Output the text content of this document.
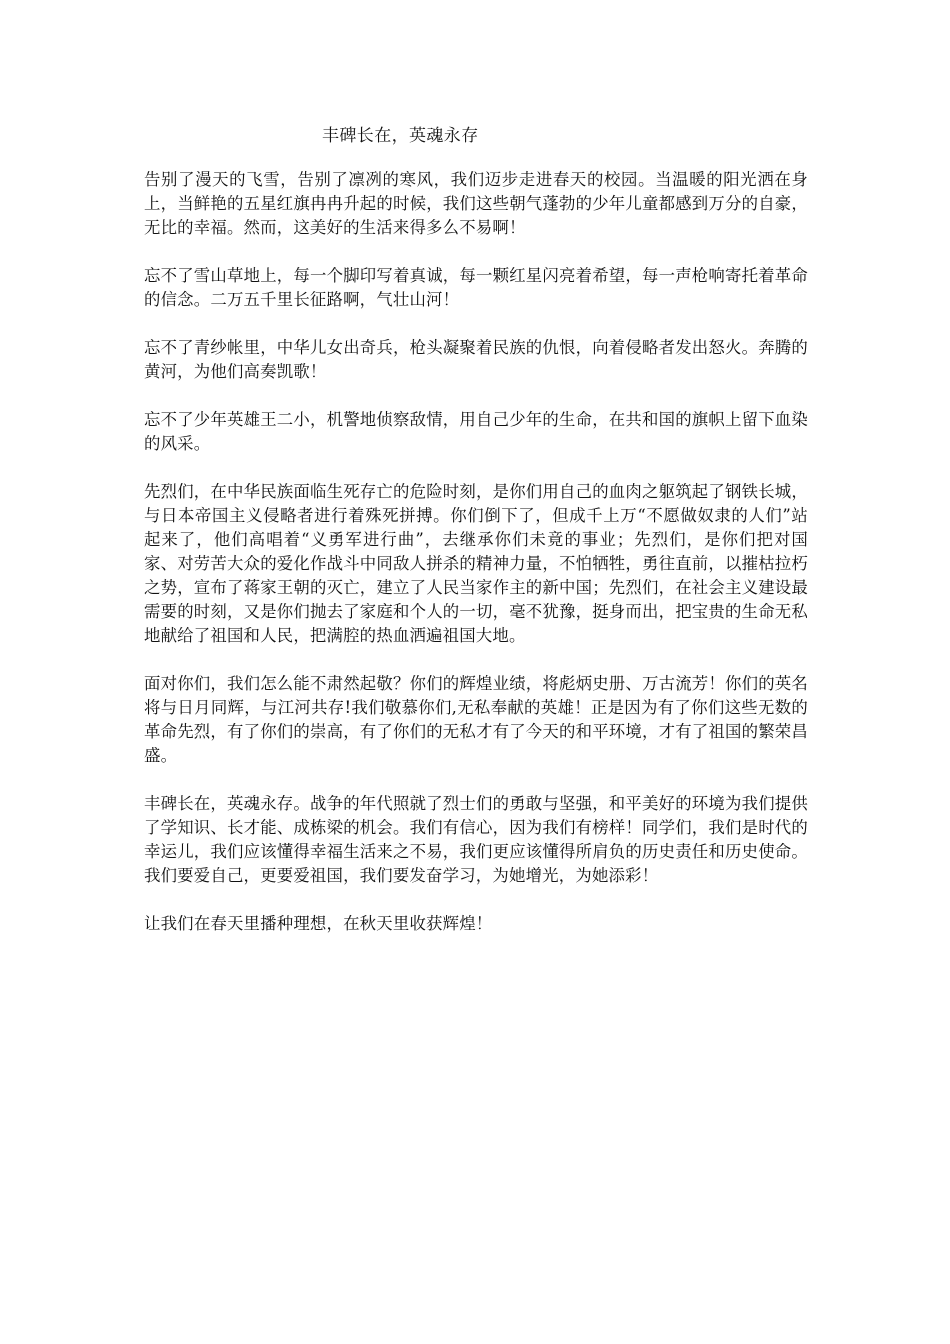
丰碑长在，英魂永存

告别了漫天的飞雪，告别了凛冽的寒风，我们迈步走进春天的校园。当温暖的阳光洒在身上，当鲜艳的五星红旗冉冉升起的时候，我们这些朝气蓬勃的少年儿童都感到万分的自豪，无比的幸福。然而，这美好的生活来得多么不易啊！

忘不了雪山草地上，每一个脚印写着真诚，每一颗红星闪亮着希望，每一声枪响寄托着革命的信念。二万五千里长征路啊，气壮山河！

忘不了青纱帐里，中华儿女出奇兵，枪头凝聚着民族的仇恨，向着侵略者发出怒火。奔腾的黄河，为他们高奏凯歌！

忘不了少年英雄王二小，机警地侦察敌情，用自己少年的生命，在共和国的旗帜上留下血染的风采。

先烈们，在中华民族面临生死存亡的危险时刻，是你们用自己的血肉之躯筑起了钢铁长城，与日本帝国主义侵略者进行着殊死拼搏。你们倒下了，但成千上万“不愿做奴隶的人们”站起来了，他们高唱着“义勇军进行曲”，去继承你们未竟的事业；先烈们，是你们把对国家、对劳苦大众的爱化作战斗中同敌人拼杀的精神力量，不怕牺牲，勇往直前，以摧枯拉朽之势，宣布了蒋家王朝的灭亡，建立了人民当家作主的新中国；先烈们，在社会主义建设最需要的时刻，又是你们抛去了家庭和个人的一切，毫不犹豫，挺身而出，把宝贵的生命无私地献给了祖国和人民，把满腔的热血洒遍祖国大地。

面对你们，我们怎么能不肃然起敬？你们的辉煌业绩，将彪炳史册、万古流芳！你们的英名将与日月同辉，与江河共存!我们敬慕你们,无私奉献的英雄！正是因为有了你们这些无数的革命先烈，有了你们的崇高，有了你们的无私才有了今天的和平环境，才有了祖国的繁荣昌盛。

丰碑长在，英魂永存。战争的年代照就了烈士们的勇敢与坚强，和平美好的环境为我们提供了学知识、长才能、成栋梁的机会。我们有信心，因为我们有榜样！同学们，我们是时代的幸运儿，我们应该懂得幸福生活来之不易，我们更应该懂得所肩负的历史责任和历史使命。我们要爱自己，更要爱祖国，我们要发奋学习，为她增光，为她添彩！

让我们在春天里播种理想，在秋天里收获辉煌！
